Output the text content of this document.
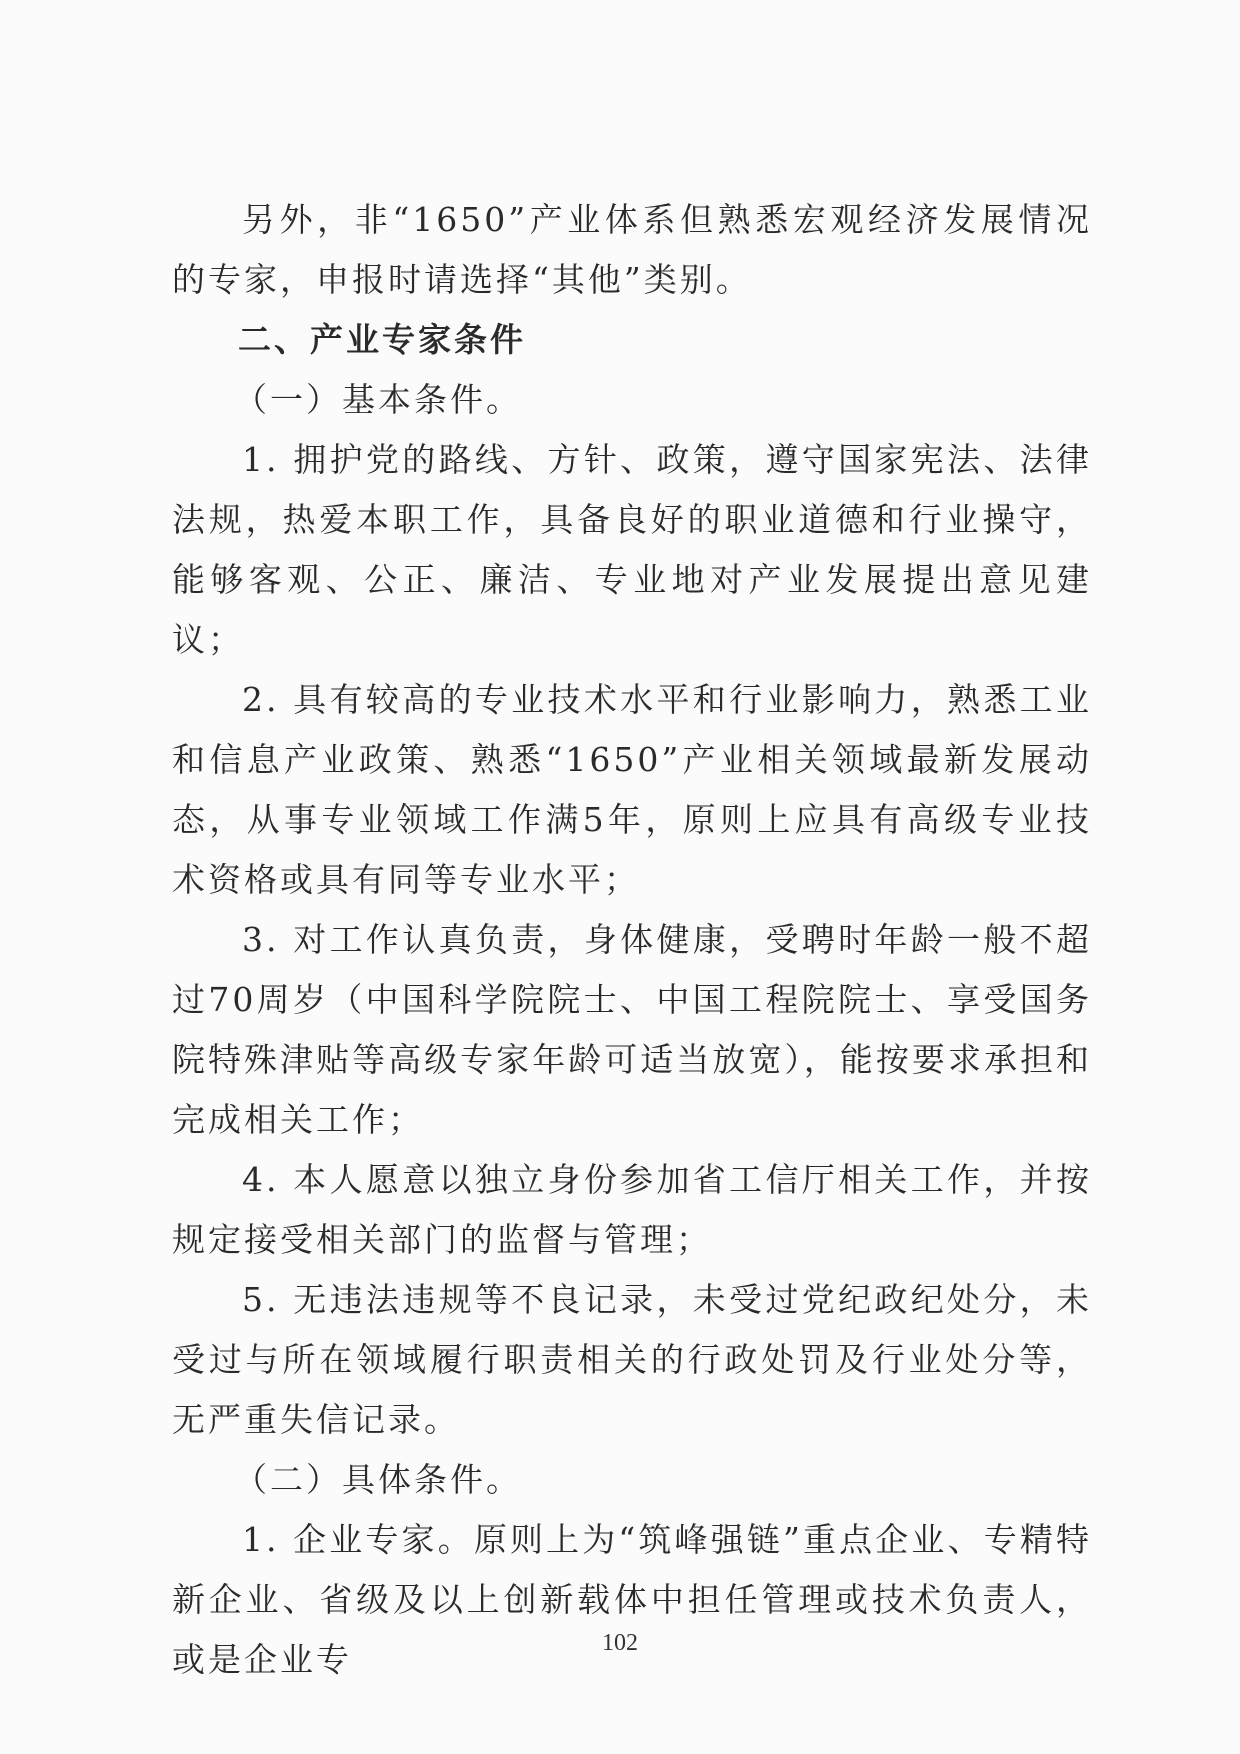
另外，非“1650”产业体系但熟悉宏观经济发展情况的专家，申报时请选择“其他”类别。

二、产业专家条件

（一）基本条件。

1. 拥护党的路线、方针、政策，遵守国家宪法、法律法规，热爱本职工作，具备良好的职业道德和行业操守，能够客观、公正、廉洁、专业地对产业发展提出意见建议；

2. 具有较高的专业技术水平和行业影响力，熟悉工业和信息产业政策、熟悉“1650”产业相关领域最新发展动态，从事专业领域工作满5年，原则上应具有高级专业技术资格或具有同等专业水平；

3. 对工作认真负责，身体健康，受聘时年龄一般不超过70周岁（中国科学院院士、中国工程院院士、享受国务院特殊津贴等高级专家年龄可适当放宽），能按要求承担和完成相关工作；

4. 本人愿意以独立身份参加省工信厅相关工作，并按规定接受相关部门的监督与管理；

5. 无违法违规等不良记录，未受过党纪政纪处分，未受过与所在领域履行职责相关的行政处罚及行业处分等，无严重失信记录。

（二）具体条件。

1. 企业专家。原则上为“筑峰强链”重点企业、专精特新企业、省级及以上创新载体中担任管理或技术负责人，或是企业专	102
